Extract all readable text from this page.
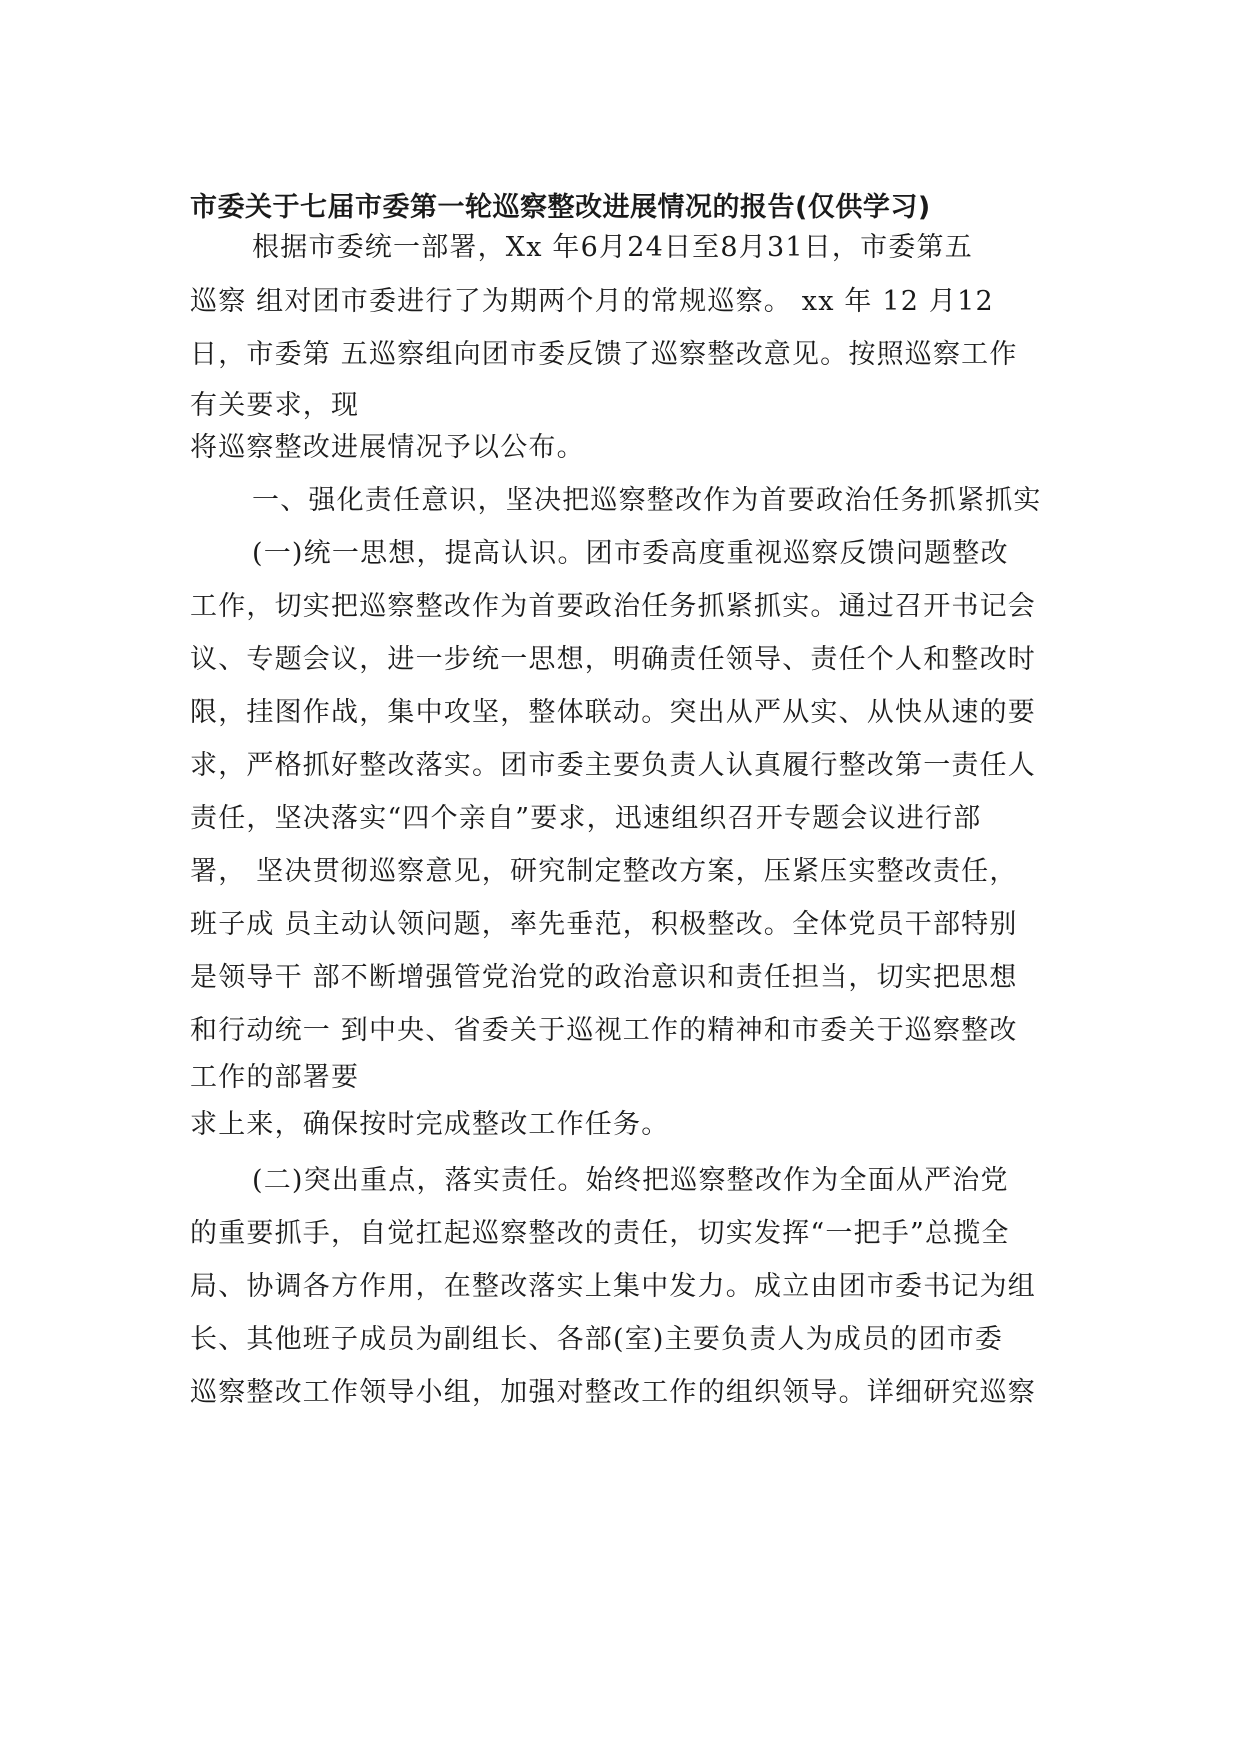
市委关于七届市委第一轮巡察整改进展情况的报告(仅供学习)
根据市委统一部署，Xx 年6月24日至8月31日，市委第五
巡察 组对团市委进行了为期两个月的常规巡察。 xx 年 12 月12
日，市委第 五巡察组向团市委反馈了巡察整改意见。按照巡察工作
有关要求，现
将巡察整改进展情况予以公布。
一、强化责任意识，坚决把巡察整改作为首要政治任务抓紧抓实
(一)统一思想，提高认识。团市委高度重视巡察反馈问题整改
工作，切实把巡察整改作为首要政治任务抓紧抓实。通过召开书记会
议、专题会议，进一步统一思想，明确责任领导、责任个人和整改时
限，挂图作战，集中攻坚，整体联动。突出从严从实、从快从速的要
求，严格抓好整改落实。团市委主要负责人认真履行整改第一责任人
责任，坚决落实“四个亲自”要求，迅速组织召开专题会议进行部
署， 坚决贯彻巡察意见，研究制定整改方案，压紧压实整改责任，
班子成 员主动认领问题，率先垂范，积极整改。全体党员干部特别
是领导干 部不断增强管党治党的政治意识和责任担当，切实把思想
和行动统一 到中央、省委关于巡视工作的精神和市委关于巡察整改
工作的部署要
求上来，确保按时完成整改工作任务。
(二)突出重点，落实责任。始终把巡察整改作为全面从严治党
的重要抓手，自觉扛起巡察整改的责任，切实发挥“一把手”总揽全
局、协调各方作用，在整改落实上集中发力。成立由团市委书记为组
长、其他班子成员为副组长、各部(室)主要负责人为成员的团市委
巡察整改工作领导小组，加强对整改工作的组织领导。详细研究巡察
